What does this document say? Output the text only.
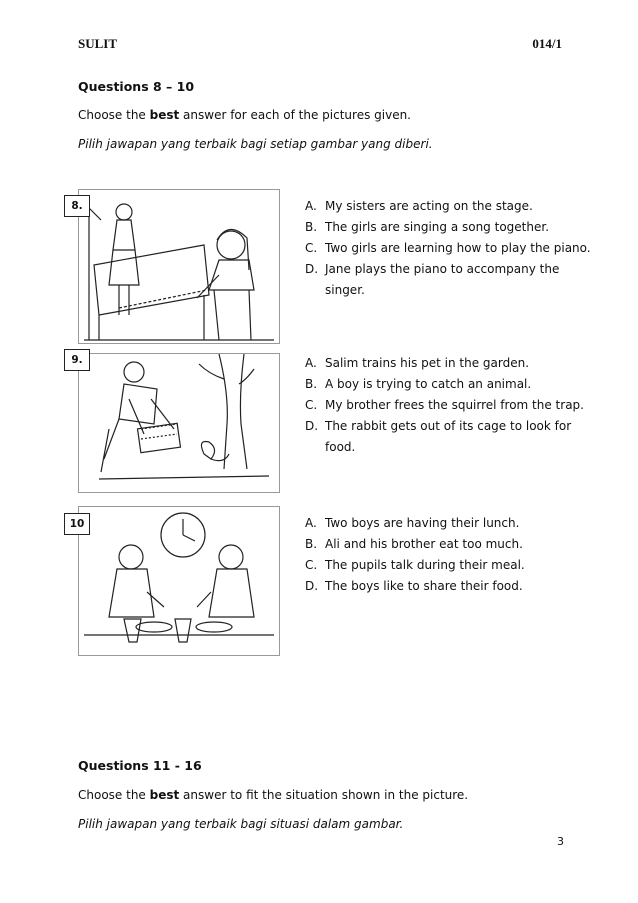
SULIT	014/1
Questions 8 – 10
Choose the best answer for each of the pictures given.
Pilih jawapan yang terbaik bagi setiap gambar yang diberi.
8.	A. My sisters are acting on the stage.
B. The girls are singing a song together.
C. Two girls are learning how to play the piano.
D. Jane plays the piano to accompany the singer.
9.	A. Salim trains his pet in the garden.
B. A boy is trying to catch an animal.
C. My brother frees the squirrel from the trap.
D. The rabbit gets out of its cage to look for food.
10	A. Two boys are having their lunch.
B. Ali and his brother eat too much.
C. The pupils talk during their meal.
D. The boys like to share their food.
Questions 11 - 16
Choose the best answer to fit the situation shown in the picture.
Pilih jawapan yang terbaik bagi situasi dalam gambar.
3
